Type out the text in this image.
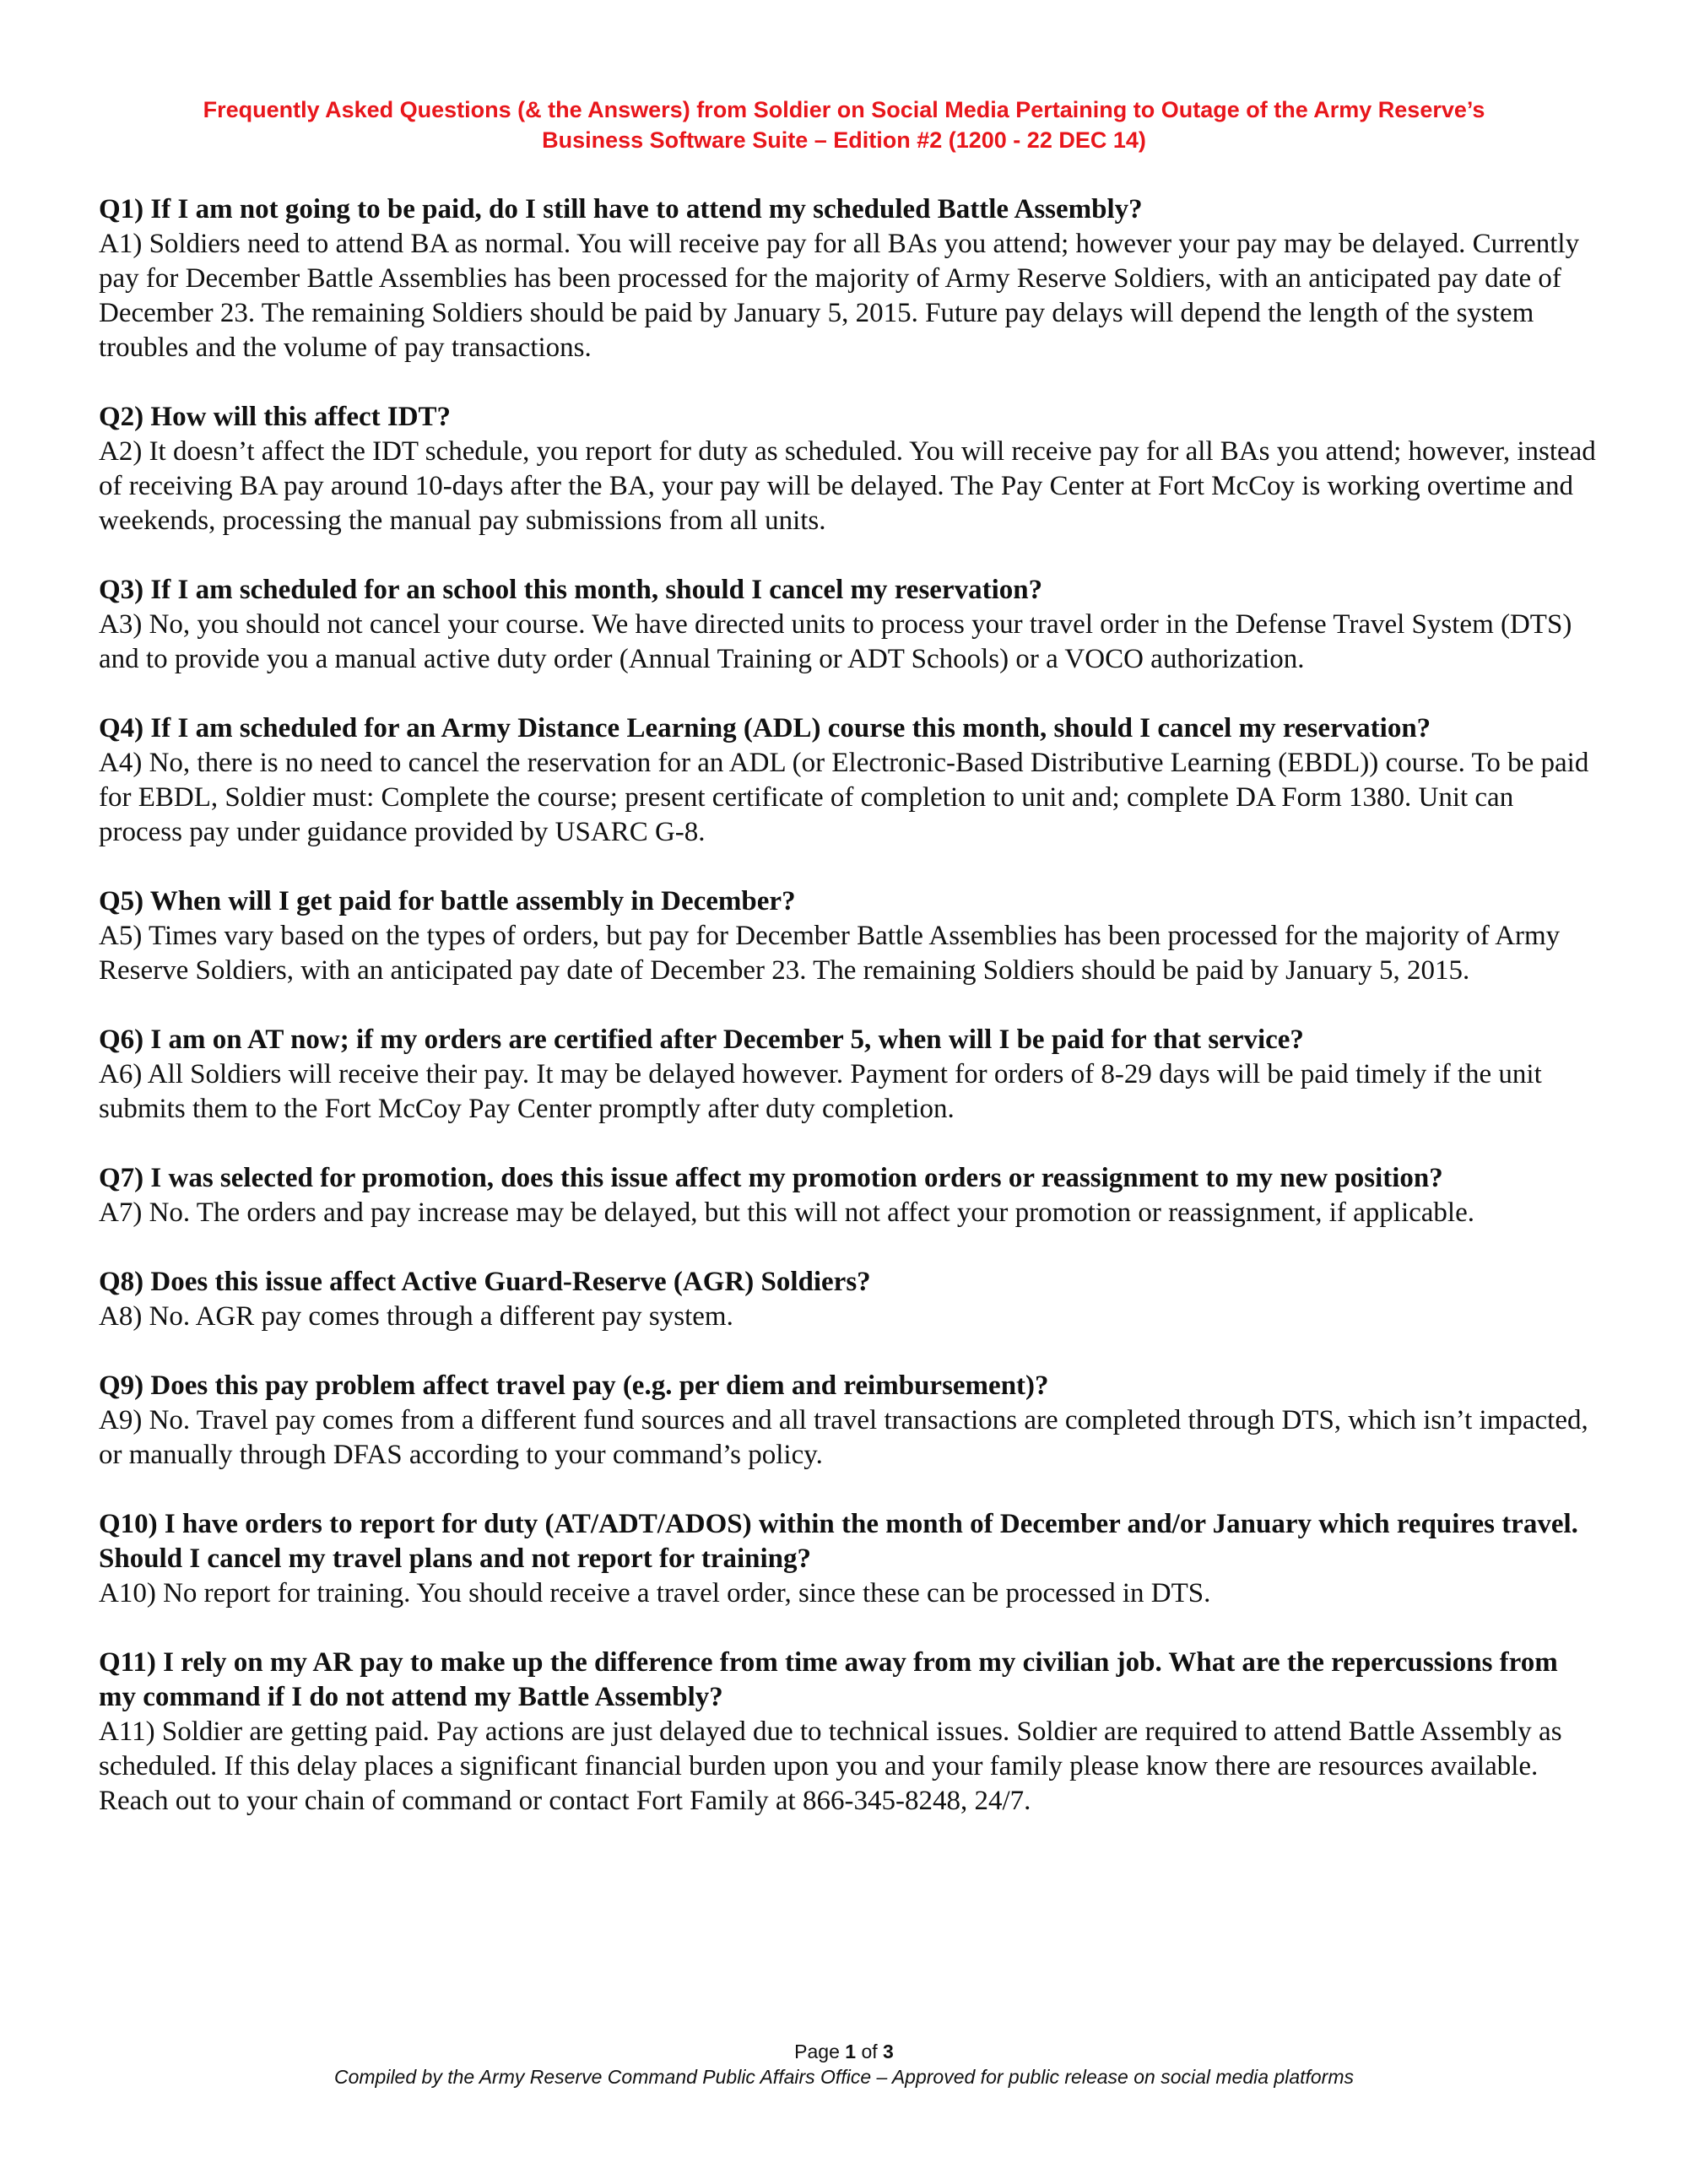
Frequently Asked Questions (& the Answers) from Soldier on Social Media Pertaining to Outage of the Army Reserve’s
Business Software Suite – Edition #2 (1200 - 22 DEC 14)
Q1) If I am not going to be paid, do I still have to attend my scheduled Battle Assembly?
A1) Soldiers need to attend BA as normal. You will receive pay for all BAs you attend; however your pay may be delayed. Currently pay for December Battle Assemblies has been processed for the majority of Army Reserve Soldiers, with an anticipated pay date of December 23. The remaining Soldiers should be paid by January 5, 2015. Future pay delays will depend the length of the system troubles and the volume of pay transactions.
Q2) How will this affect IDT?
A2) It doesn’t affect the IDT schedule, you report for duty as scheduled. You will receive pay for all BAs you attend; however, instead of receiving BA pay around 10-days after the BA, your pay will be delayed. The Pay Center at Fort McCoy is working overtime and weekends, processing the manual pay submissions from all units.
Q3) If I am scheduled for an school this month, should I cancel my reservation?
A3) No, you should not cancel your course. We have directed units to process your travel order in the Defense Travel System (DTS) and to provide you a manual active duty order (Annual Training or ADT Schools) or a VOCO authorization.
Q4) If I am scheduled for an Army Distance Learning (ADL) course this month, should I cancel my reservation?
A4) No, there is no need to cancel the reservation for an ADL (or Electronic-Based Distributive Learning (EBDL)) course. To be paid for EBDL, Soldier must: Complete the course; present certificate of completion to unit and; complete DA Form 1380. Unit can process pay under guidance provided by USARC G-8.
Q5) When will I get paid for battle assembly in December?
A5) Times vary based on the types of orders, but pay for December Battle Assemblies has been processed for the majority of Army Reserve Soldiers, with an anticipated pay date of December 23. The remaining Soldiers should be paid by January 5, 2015.
Q6) I am on AT now; if my orders are certified after December 5, when will I be paid for that service?
A6) All Soldiers will receive their pay. It may be delayed however. Payment for orders of 8-29 days will be paid timely if the unit submits them to the Fort McCoy Pay Center promptly after duty completion.
Q7) I was selected for promotion, does this issue affect my promotion orders or reassignment to my new position?
A7) No. The orders and pay increase may be delayed, but this will not affect your promotion or reassignment, if applicable.
Q8) Does this issue affect Active Guard-Reserve (AGR) Soldiers?
A8) No. AGR pay comes through a different pay system.
Q9) Does this pay problem affect travel pay (e.g. per diem and reimbursement)?
A9) No. Travel pay comes from a different fund sources and all travel transactions are completed through DTS, which isn’t impacted, or manually through DFAS according to your command’s policy.
Q10) I have orders to report for duty (AT/ADT/ADOS) within the month of December and/or January which requires travel. Should I cancel my travel plans and not report for training?
A10) No report for training. You should receive a travel order, since these can be processed in DTS.
Q11) I rely on my AR pay to make up the difference from time away from my civilian job. What are the repercussions from my command if I do not attend my Battle Assembly?
A11) Soldier are getting paid. Pay actions are just delayed due to technical issues. Soldier are required to attend Battle Assembly as scheduled. If this delay places a significant financial burden upon you and your family please know there are resources available. Reach out to your chain of command or contact Fort Family at 866-345-8248, 24/7.
Page 1 of 3
Compiled by the Army Reserve Command Public Affairs Office – Approved for public release on social media platforms
